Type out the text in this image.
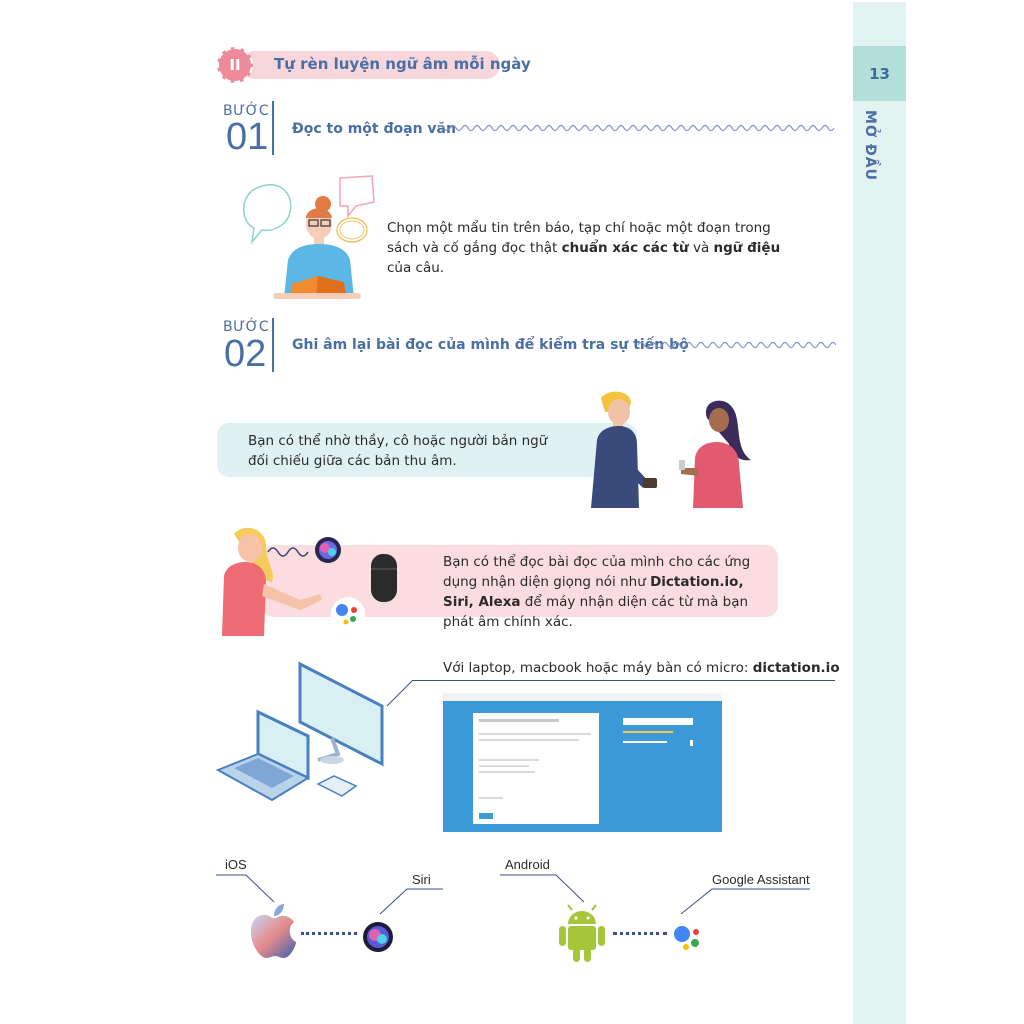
13
MỞ ĐẦU
II	Tự rèn luyện ngữ âm mỗi ngày
BƯỚC
01 Đọc to một đoạn văn
Chọn một mẩu tin trên báo, tạp chí hoặc một đoạn trong sách và cố gắng đọc thật chuẩn xác các từ và ngữ điệu của câu.
BƯỚC
02 Ghi âm lại bài đọc của mình để kiểm tra sự tiến bộ
Bạn có thể nhờ thầy, cô hoặc người bản ngữ đối chiếu giữa các bản thu âm.
Bạn có thể đọc bài đọc của mình cho các ứng dụng nhận diện giọng nói như Dictation.io, Siri, Alexa để máy nhận diện các từ mà bạn phát âm chính xác.
Với laptop, macbook hoặc máy bàn có micro: dictation.io
iOS
Siri
Android
Google Assistant
